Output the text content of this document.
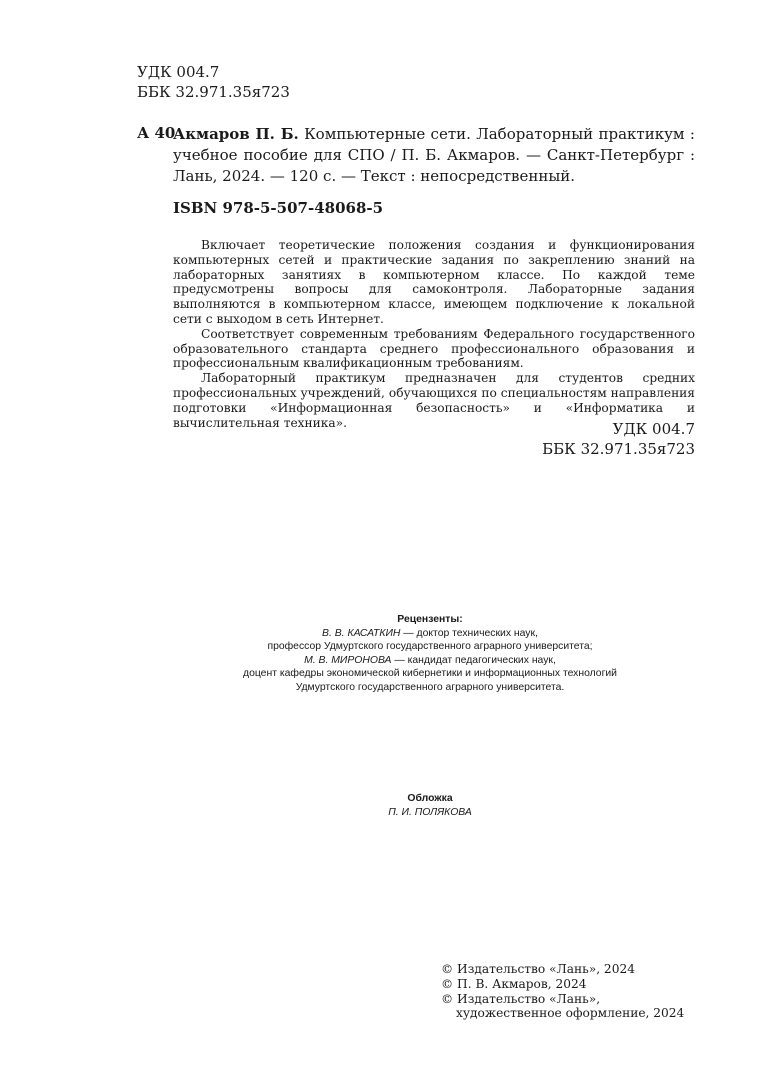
УДК 004.7
ББК 32.971.35я723
А 40
Акмаров П. Б. Компьютерные сети. Лабораторный практикум : учебное пособие для СПО / П. Б. Акмаров. — Санкт-Петербург : Лань, 2024. — 120 с. — Текст : непосредственный.
ISBN 978-5-507-48068-5

Включает теоретические положения создания и функционирования компьютерных сетей и практические задания по закреплению знаний на лабораторных занятиях в компьютерном классе. По каждой теме предусмотрены вопросы для самоконтроля. Лабораторные задания выполняются в компьютерном классе, имеющем подключение к локальной сети с выходом в сеть Интернет.

Соответствует современным требованиям Федерального государственного образовательного стандарта среднего профессионального образования и профессиональным квалификационным требованиям.

Лабораторный практикум предназначен для студентов средних профессиональных учреждений, обучающихся по специальностям направления подготовки «Информационная безопасность» и «Информатика и вычислительная техника».	УДК 004.7
ББК 32.971.35я723
Рецензенты:
В. В. КАСАТКИН — доктор технических наук,
профессор Удмуртского государственного аграрного университета;
М. В. МИРОНОВА — кандидат педагогических наук,
доцент кафедры экономической кибернетики и информационных технологий
Удмуртского государственного аграрного университета.
Обложка
П. И. ПОЛЯКОВА
© Издательство «Лань», 2024
© П. В. Акмаров, 2024
© Издательство «Лань»,
художественное оформление, 2024
